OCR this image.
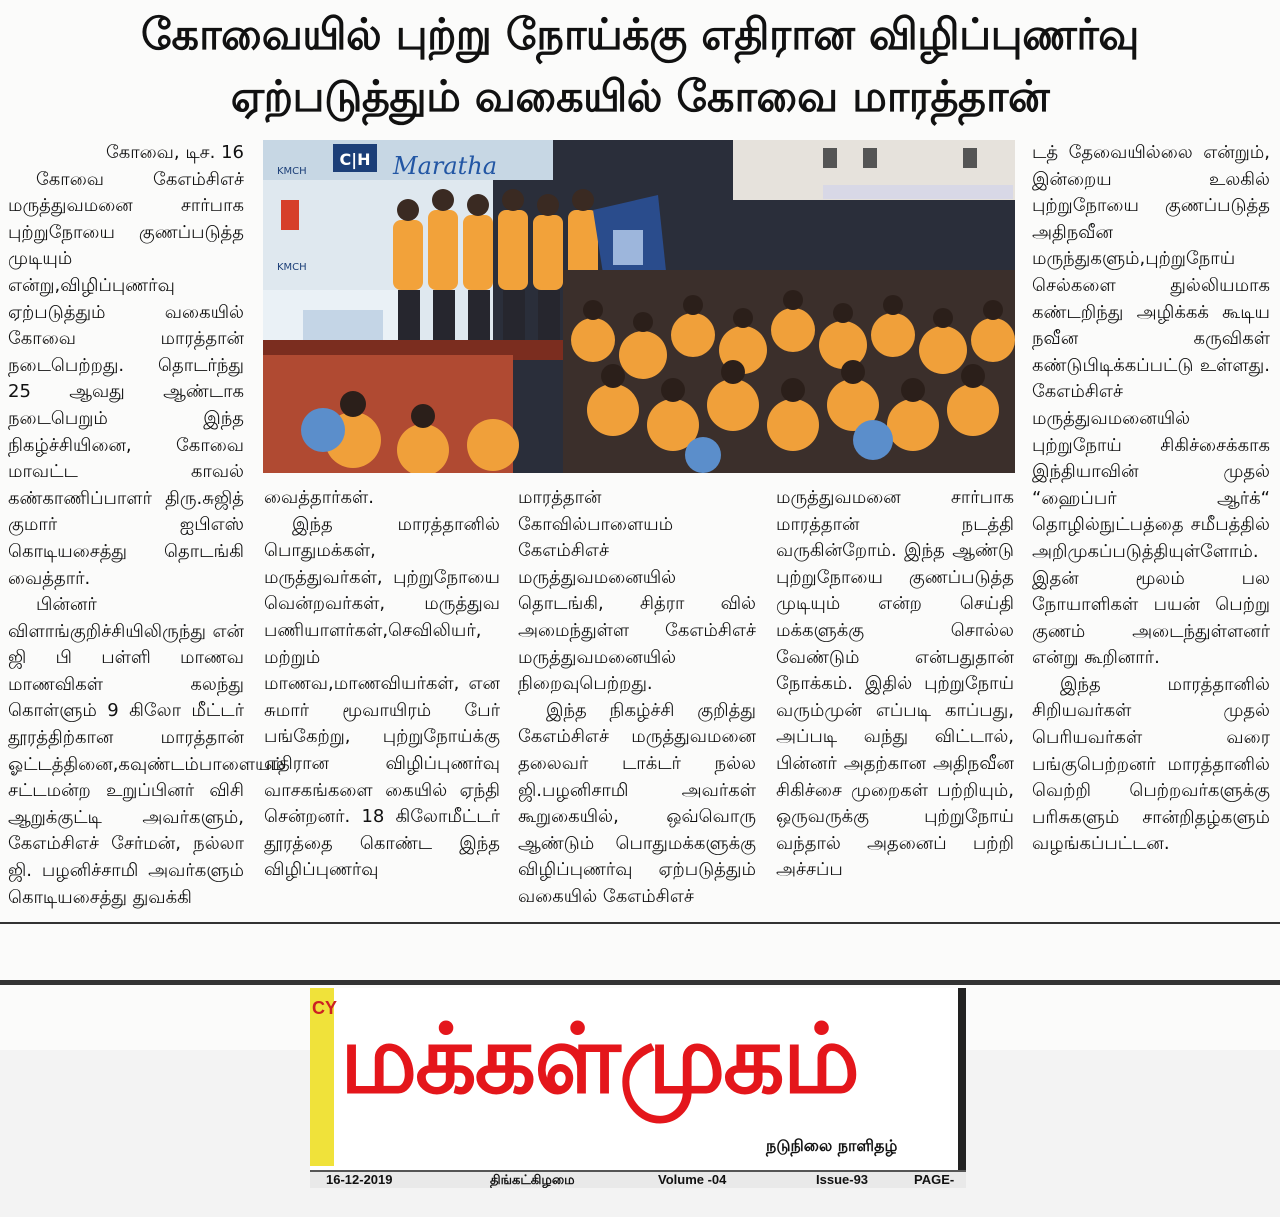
கோவையில் புற்று நோய்க்கு எதிரான விழிப்புணர்வு
ஏற்படுத்தும் வகையில் கோவை மாரத்தான்
C|H Maratha
KMCH
KMCH

கோவை, டிச. 16

கோவை கேஎம்சிஎச் மருத்துவமனை சார்பாக புற்றுநோயை குணப்படுத்த முடியும் என்று,விழிப்புணர்வு ஏற்படுத்தும் வகையில் கோவை மாரத்தான் நடைபெற்றது. தொடர்ந்து 25 ஆவது ஆண்டாக நடைபெறும் இந்த நிகழ்ச்சியினை, கோவை மாவட்ட காவல் கண்காணிப்பாளர் திரு.சுஜித் குமார் ஐபிஎஸ் கொடியசைத்து தொடங்கி வைத்தார்.

பின்னர் விளாங்குறிச்சியிலிருந்து என் ஜி பி பள்ளி மாணவ மாணவிகள் கலந்து கொள்ளும் 9 கிலோ மீட்டர் தூரத்திற்கான மாரத்தான் ஓட்டத்தினை,கவுண்டம்பாளையம் சட்டமன்ற உறுப்பினர் விசி ஆறுக்குட்டி அவர்களும், கேஎம்சிஎச் சேர்மன், நல்லா ஜி. பழனிச்சாமி அவர்களும் கொடியசைத்து துவக்கி

வைத்தார்கள்.

இந்த மாரத்தானில் பொதுமக்கள், மருத்துவர்கள், புற்றுநோயை வென்றவர்கள், மருத்துவ பணியாளர்கள்,செவிலியர், மற்றும் மாணவ,மாணவியர்கள், என சுமார் மூவாயிரம் பேர் பங்கேற்று, புற்றுநோய்க்கு எதிரான விழிப்புணர்வு வாசகங்களை கையில் ஏந்தி சென்றனர். 18 கிலோமீட்டர் தூரத்தை கொண்ட இந்த விழிப்புணர்வு

மாரத்தான் கோவில்பாளையம் கேஎம்சிஎச் மருத்துவமனையில் தொடங்கி, சித்ரா வில் அமைந்துள்ள கேஎம்சிஎச் மருத்துவமனையில் நிறைவுபெற்றது.

இந்த நிகழ்ச்சி குறித்து கேஎம்சிஎச் மருத்துவமனை தலைவர் டாக்டர் நல்ல ஜி.பழனிசாமி அவர்கள் கூறுகையில், ஒவ்வொரு ஆண்டும் பொதுமக்களுக்கு விழிப்புணர்வு ஏற்படுத்தும் வகையில் கேஎம்சிஎச்

மருத்துவமனை சார்பாக மாரத்தான் நடத்தி வருகின்றோம். இந்த ஆண்டு புற்றுநோயை குணப்படுத்த முடியும் என்ற செய்தி மக்களுக்கு சொல்ல வேண்டும் என்பதுதான் நோக்கம். இதில் புற்றுநோய் வரும்முன் எப்படி காப்பது, அப்படி வந்து விட்டால், பின்னர் அதற்கான அதிநவீன சிகிச்சை முறைகள் பற்றியும், ஒருவருக்கு புற்றுநோய் வந்தால் அதனைப் பற்றி அச்சப்ப

டத் தேவையில்லை என்றும், இன்றைய உலகில் புற்றுநோயை குணப்படுத்த அதிநவீன மருந்துகளும்,புற்றுநோய் செல்களை துல்லியமாக கண்டறிந்து அழிக்கக் கூடிய நவீன கருவிகள் கண்டுபிடிக்கப்பட்டு உள்ளது. கேஎம்சிஎச் மருத்துவமனையில் புற்றுநோய் சிகிச்சைக்காக இந்தியாவின் முதல் “ஹைப்பர் ஆர்க்“ தொழில்நுட்பத்தை சமீபத்தில் அறிமுகப்படுத்தியுள்ளோம். இதன் மூலம் பல நோயாளிகள் பயன் பெற்று குணம் அடைந்துள்ளனர் என்று கூறினார்.

இந்த மாரத்தானில் சிறியவர்கள் முதல் பெரியவர்கள் வரை பங்குபெற்றனர் மாரத்தானில் வெற்றி பெற்றவர்களுக்கு பரிசுகளும் சான்றிதழ்களும் வழங்கப்பட்டன.

CY மக்கள்முகம்
நடுநிலை நாளிதழ்
16-12-2019	திங்கட்கிழமை	Volume -04	Issue-93	PAGE-
